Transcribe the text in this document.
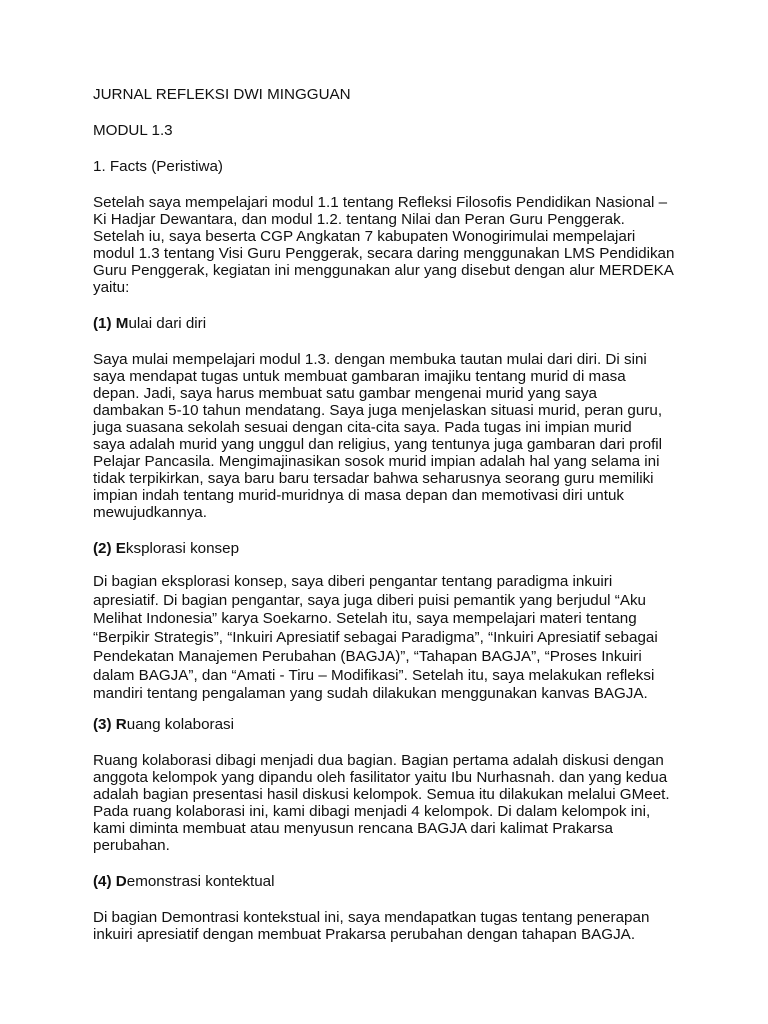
JURNAL REFLEKSI DWI MINGGUAN

MODUL 1.3

1. Facts (Peristiwa)

Setelah saya mempelajari modul 1.1 tentang Refleksi Filosofis Pendidikan Nasional – Ki Hadjar Dewantara, dan modul 1.2. tentang Nilai dan Peran Guru Penggerak. Setelah iu, saya beserta CGP Angkatan 7 kabupaten Wonogirimulai mempelajari modul 1.3 tentang Visi Guru Penggerak, secara daring menggunakan LMS Pendidikan Guru Penggerak, kegiatan ini menggunakan alur yang disebut dengan alur MERDEKA yaitu:

(1) Mulai dari diri

Saya mulai mempelajari modul 1.3. dengan membuka tautan mulai dari diri. Di sini saya mendapat tugas untuk membuat gambaran imajiku tentang murid di masa depan. Jadi, saya harus membuat satu gambar mengenai murid yang saya dambakan 5-10 tahun mendatang. Saya juga menjelaskan situasi murid, peran guru, juga suasana sekolah sesuai dengan cita-cita saya. Pada tugas ini impian murid saya adalah murid yang unggul dan religius, yang tentunya juga gambaran dari profil Pelajar Pancasila. Mengimajinasikan sosok murid impian adalah hal yang selama ini tidak terpikirkan, saya baru baru tersadar bahwa seharusnya seorang guru memiliki impian indah tentang murid-muridnya di masa depan dan memotivasi diri untuk mewujudkannya.

(2) Eksplorasi konsep

Di bagian eksplorasi konsep, saya diberi pengantar tentang paradigma inkuiri apresiatif. Di bagian pengantar, saya juga diberi puisi pemantik yang berjudul “Aku Melihat Indonesia” karya Soekarno. Setelah itu, saya mempelajari materi tentang “Berpikir Strategis”, “Inkuiri Apresiatif sebagai Paradigma”, “Inkuiri Apresiatif sebagai Pendekatan Manajemen Perubahan (BAGJA)”, “Tahapan BAGJA”, “Proses Inkuiri dalam BAGJA”, dan “Amati - Tiru – Modifikasi”. Setelah itu, saya melakukan refleksi mandiri tentang pengalaman yang sudah dilakukan menggunakan kanvas BAGJA.

(3) Ruang kolaborasi

Ruang kolaborasi dibagi menjadi dua bagian. Bagian pertama adalah diskusi dengan anggota kelompok yang dipandu oleh fasilitator yaitu Ibu Nurhasnah. dan yang kedua adalah bagian presentasi hasil diskusi kelompok. Semua itu dilakukan melalui GMeet. Pada ruang kolaborasi ini, kami dibagi menjadi 4 kelompok. Di dalam kelompok ini, kami diminta membuat atau menyusun rencana BAGJA dari kalimat Prakarsa perubahan.

(4) Demonstrasi kontektual

Di bagian Demontrasi kontekstual ini, saya mendapatkan tugas tentang penerapan inkuiri apresiatif dengan membuat Prakarsa perubahan dengan tahapan BAGJA.
